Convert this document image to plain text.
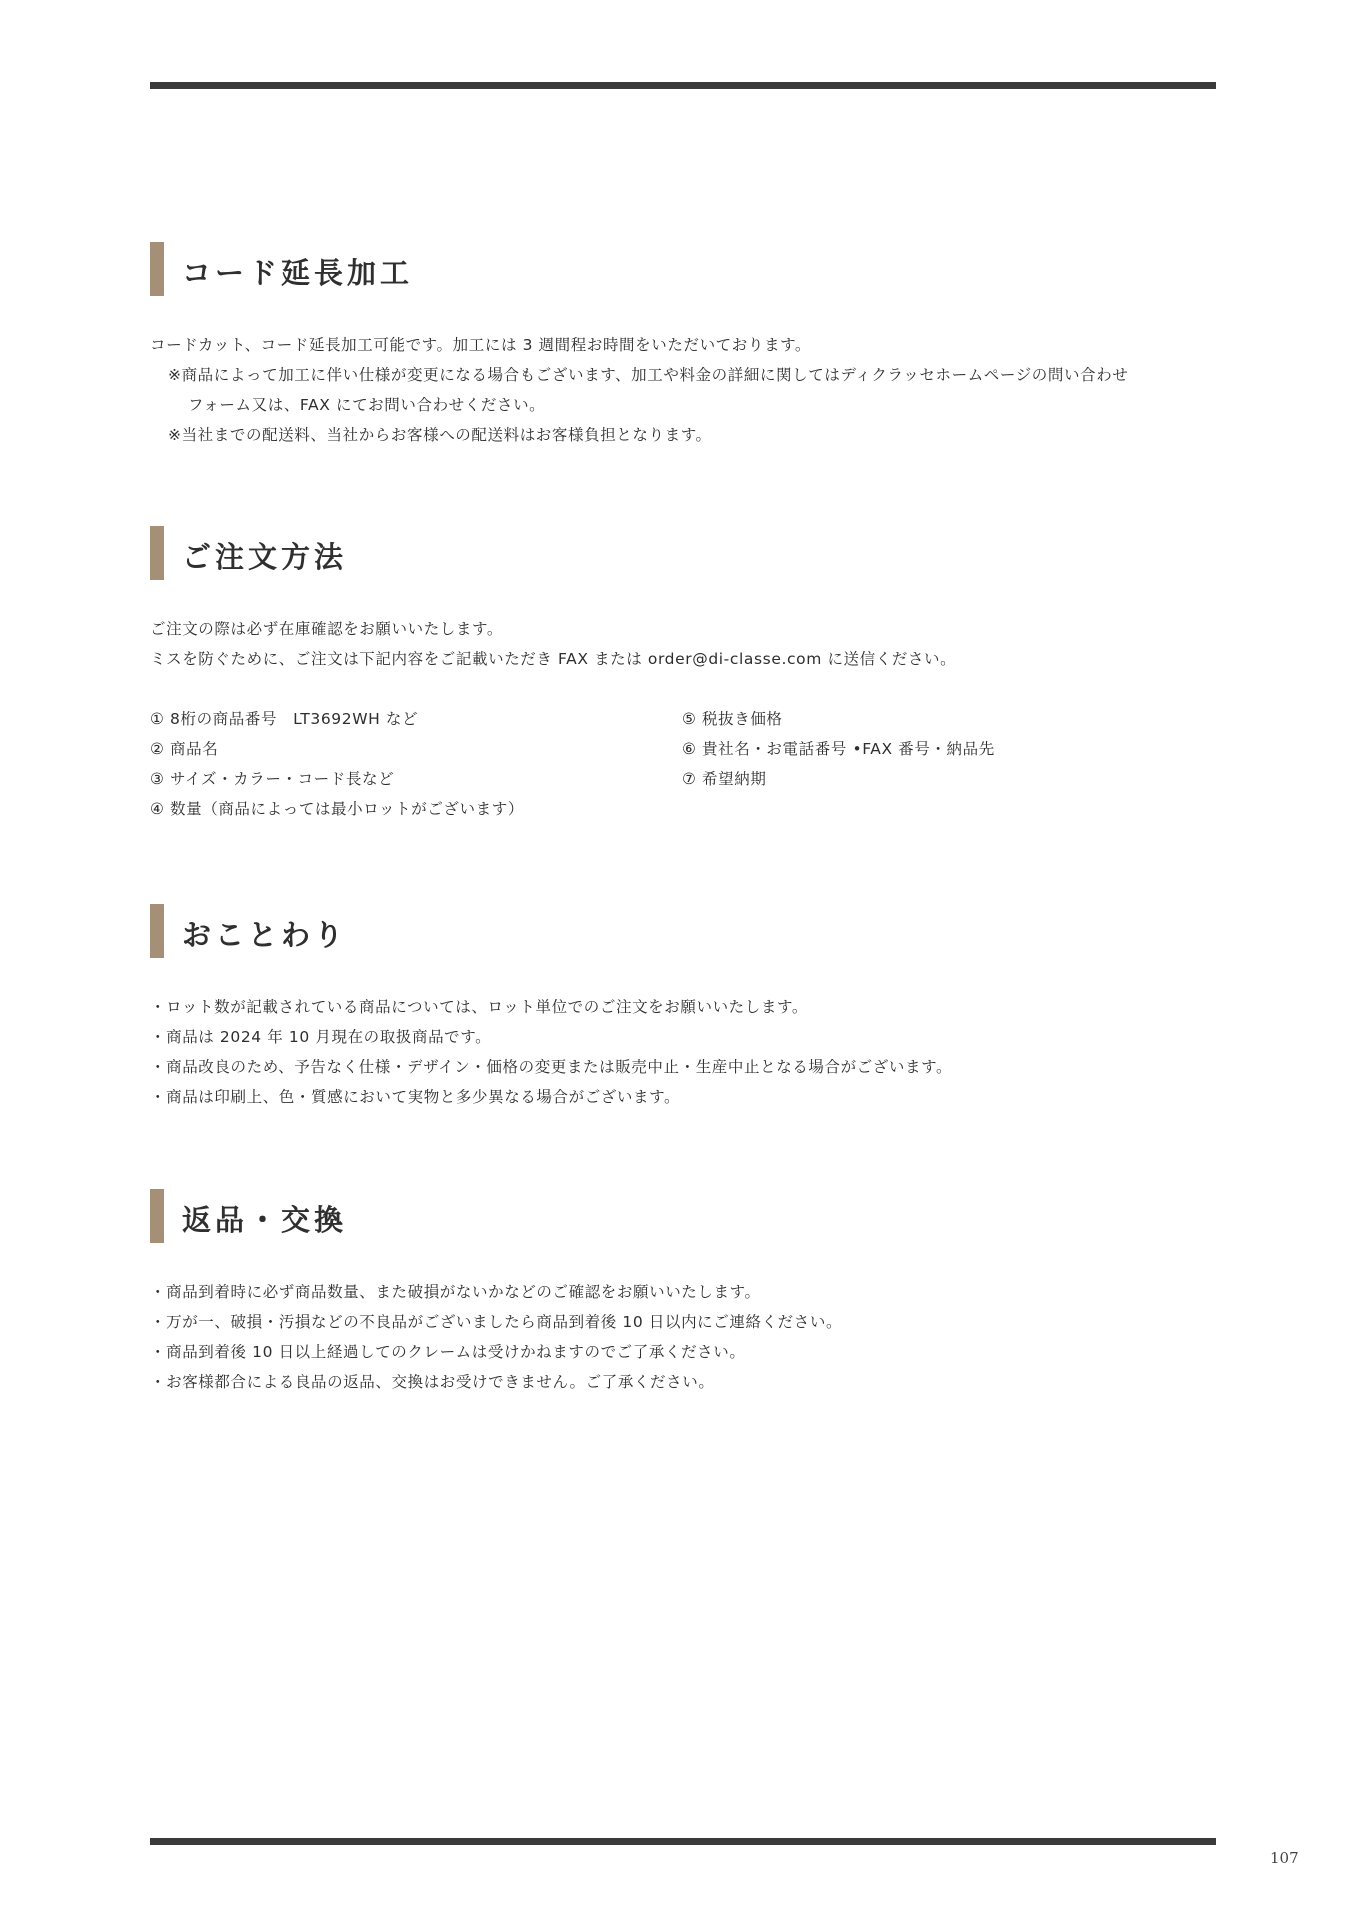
コード延長加工
コードカット、コード延長加工可能です。加工には 3 週間程お時間をいただいております。
※商品によって加工に伴い仕様が変更になる場合もございます、加工や料金の詳細に関してはディクラッセホームページの問い合わせ
フォーム又は、FAX にてお問い合わせください。
※当社までの配送料、当社からお客様への配送料はお客様負担となります。
ご注文方法
ご注文の際は必ず在庫確認をお願いいたします。
ミスを防ぐために、ご注文は下記内容をご記載いただき FAX または order@di-classe.com に送信ください。
① 8桁の商品番号　LT3692WH など
② 商品名
③ サイズ・カラー・コード長など
④ 数量（商品によっては最小ロットがございます）
⑤ 税抜き価格
⑥ 貴社名・お電話番号 •FAX 番号・納品先
⑦ 希望納期
おことわり
・ロット数が記載されている商品については、ロット単位でのご注文をお願いいたします。
・商品は 2024 年 10 月現在の取扱商品です。
・商品改良のため、予告なく仕様・デザイン・価格の変更または販売中止・生産中止となる場合がございます。
・商品は印刷上、色・質感において実物と多少異なる場合がございます。
返品・交換
・商品到着時に必ず商品数量、また破損がないかなどのご確認をお願いいたします。
・万が一、破損・汚損などの不良品がございましたら商品到着後 10 日以内にご連絡ください。
・商品到着後 10 日以上経過してのクレームは受けかねますのでご了承ください。
・お客様都合による良品の返品、交換はお受けできません。ご了承ください。
107
